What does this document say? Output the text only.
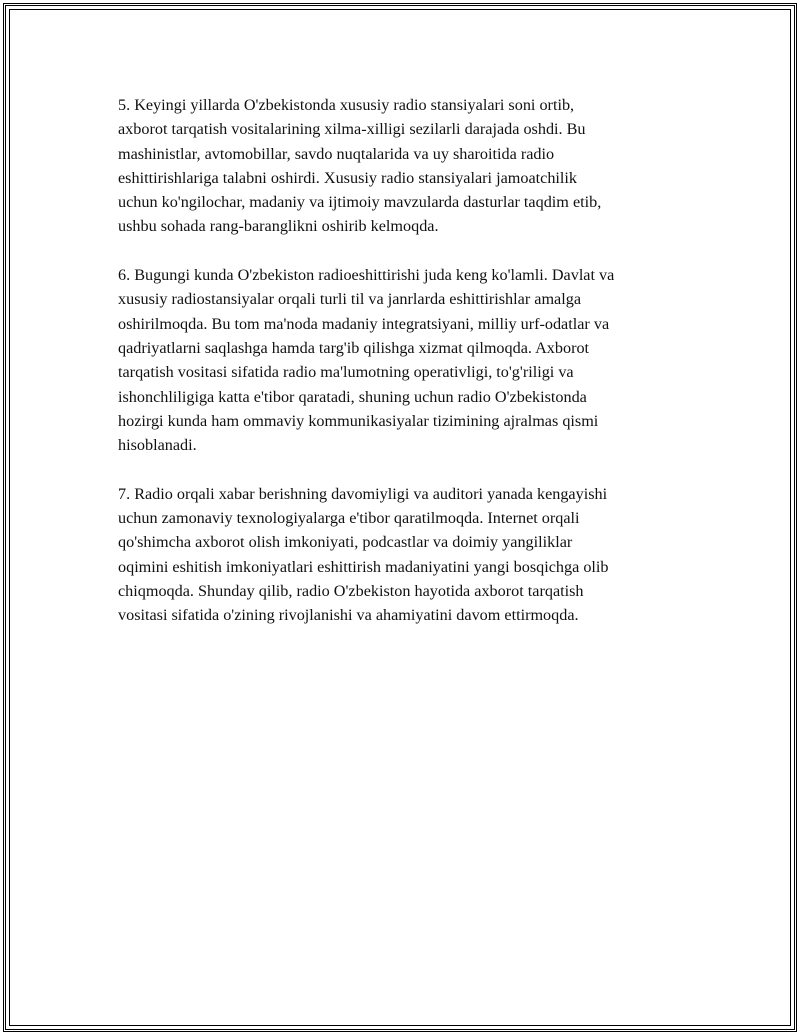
5. Keyingi yillarda O'zbekistonda xususiy radio stansiyalari soni ortib,
axborot tarqatish vositalarining xilma-xilligi sezilarli darajada oshdi. Bu
mashinistlar, avtomobillar, savdo nuqtalarida va uy sharoitida radio
eshittirishlariga talabni oshirdi. Xususiy radio stansiyalari jamoatchilik
uchun ko'ngilochar, madaniy va ijtimoiy mavzularda dasturlar taqdim etib,
ushbu sohada rang-baranglikni oshirib kelmoqda.

6. Bugungi kunda O'zbekiston radioeshittirishi juda keng ko'lamli. Davlat va
xususiy radiostansiyalar orqali turli til va janrlarda eshittirishlar amalga
oshirilmoqda. Bu tom ma'noda madaniy integratsiyani, milliy urf-odatlar va
qadriyatlarni saqlashga hamda targ'ib qilishga xizmat qilmoqda. Axborot
tarqatish vositasi sifatida radio ma'lumotning operativligi, to'g'riligi va
ishonchliligiga katta e'tibor qaratadi, shuning uchun radio O'zbekistonda
hozirgi kunda ham ommaviy kommunikasiyalar tizimining ajralmas qismi
hisoblanadi.

7. Radio orqali xabar berishning davomiyligi va auditori yanada kengayishi
uchun zamonaviy texnologiyalarga e'tibor qaratilmoqda. Internet orqali
qo'shimcha axborot olish imkoniyati, podcastlar va doimiy yangiliklar
oqimini eshitish imkoniyatlari eshittirish madaniyatini yangi bosqichga olib
chiqmoqda. Shunday qilib, radio O'zbekiston hayotida axborot tarqatish
vositasi sifatida o'zining rivojlanishi va ahamiyatini davom ettirmoqda.
